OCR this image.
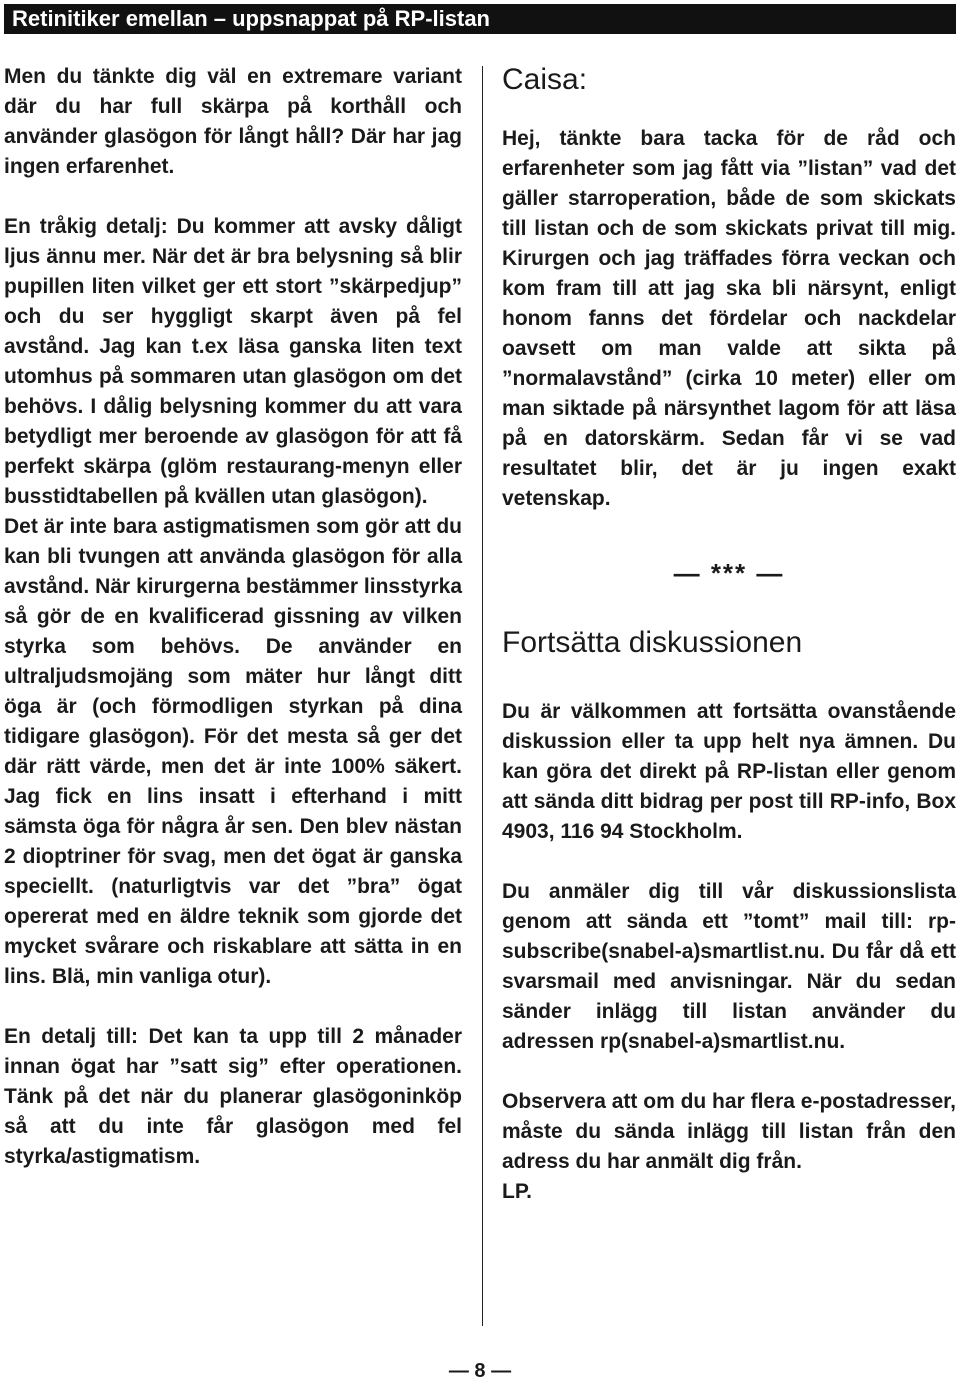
Retinitiker emellan – uppsnappat på RP-listan

Men du tänkte dig väl en extremare variant där du har full skärpa på korthåll och använder glasögon för långt håll? Där har jag ingen erfarenhet.

En tråkig detalj: Du kommer att avsky dåligt ljus ännu mer. När det är bra belysning så blir pupillen liten vilket ger ett stort ”skärpedjup” och du ser hyggligt skarpt även på fel avstånd. Jag kan t.ex läsa ganska liten text utomhus på sommaren utan glasögon om det behövs. I dålig belysning kommer du att vara betydligt mer beroende av glasögon för att få perfekt skärpa (glöm restaurang-menyn eller busstidtabellen på kvällen utan glasögon).

Det är inte bara astigmatismen som gör att du kan bli tvungen att använda glasögon för alla avstånd. När kirurgerna bestämmer linsstyrka så gör de en kvalificerad gissning av vilken styrka som behövs. De använder en ultraljudsmojäng som mäter hur långt ditt öga är (och förmodligen styrkan på dina tidigare glasögon). För det mesta så ger det där rätt värde, men det är inte 100% säkert. Jag fick en lins insatt i efterhand i mitt sämsta öga för några år sen. Den blev nästan 2 dioptriner för svag, men det ögat är ganska speciellt. (naturligtvis var det ”bra” ögat opererat med en äldre teknik som gjorde det mycket svårare och riskablare att sätta in en lins. Blä, min vanliga otur).

En detalj till: Det kan ta upp till 2 månader innan ögat har ”satt sig” efter operationen. Tänk på det när du planerar glasögoninköp så att du inte får glasögon med fel styrka/astigmatism.

Caisa:

Hej, tänkte bara tacka för de råd och erfarenheter som jag fått via ”listan” vad det gäller starroperation, både de som skickats till listan och de som skickats privat till mig. Kirurgen och jag träffades förra veckan och kom fram till att jag ska bli närsynt, enligt honom fanns det fördelar och nackdelar oavsett om man valde att sikta på ”normalavstånd” (cirka 10 meter) eller om man siktade på närsynthet lagom för att läsa på en datorskärm. Sedan får vi se vad resultatet blir, det är ju ingen exakt vetenskap.

— *** —
Fortsätta diskussionen

Du är välkommen att fortsätta ovanstående diskussion eller ta upp helt nya ämnen. Du kan göra det direkt på RP-listan eller genom att sända ditt bidrag per post till RP-info, Box 4903, 116 94 Stockholm.

Du anmäler dig till vår diskussionslista genom att sända ett ”tomt” mail till: rp-subscribe(snabel-a)smartlist.nu. Du får då ett svarsmail med anvisningar. När du sedan sänder inlägg till listan använder du adressen rp(snabel-a)smartlist.nu.

Observera att om du har flera e-postadresser, måste du sända inlägg till listan från den adress du har anmält dig från.

LP.

— 8 —
